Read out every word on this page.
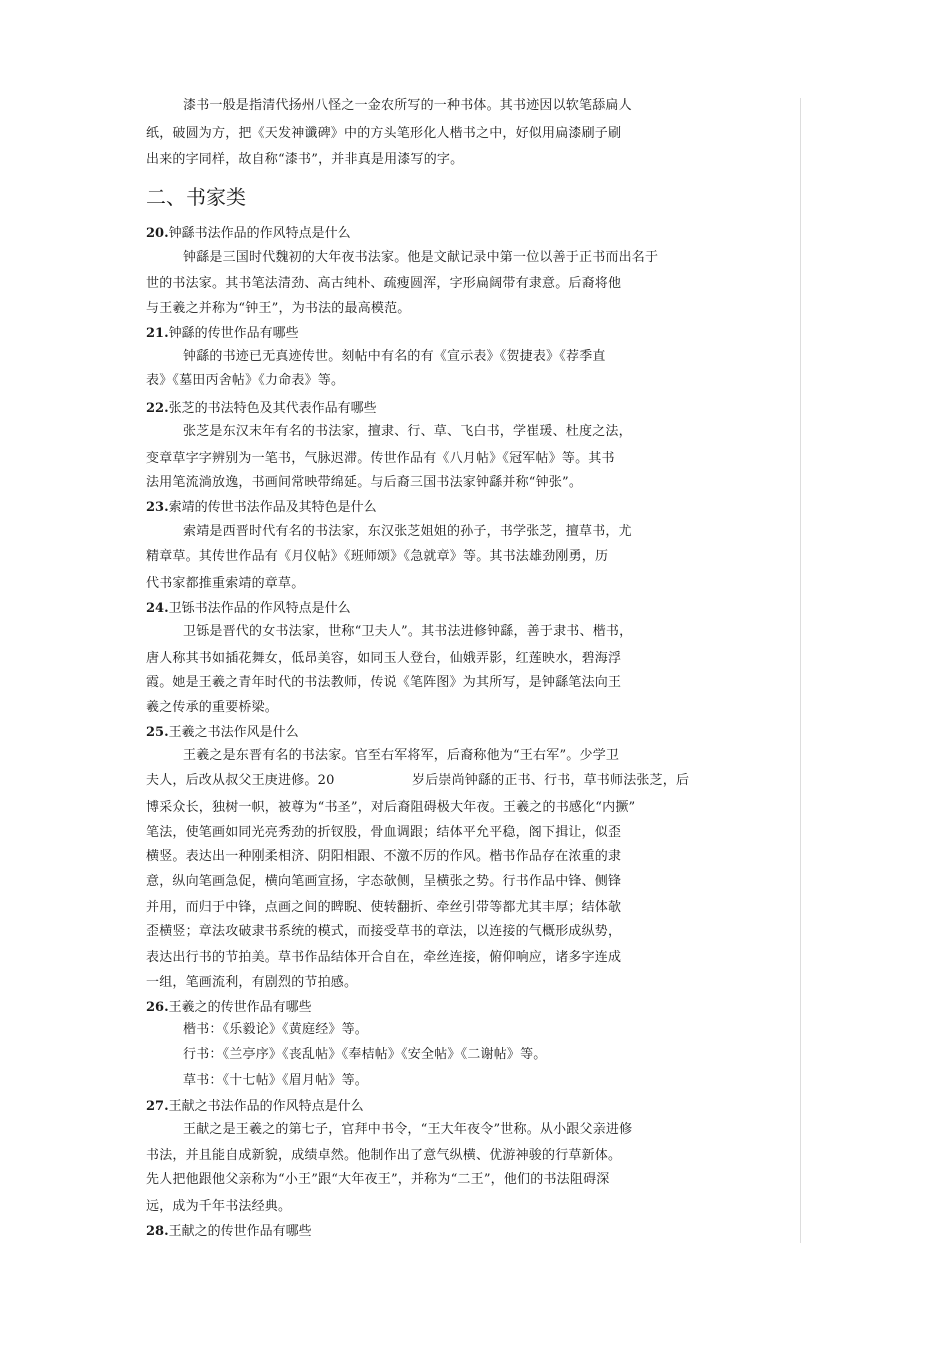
漆书一般是指清代扬州八怪之一金农所写的一种书体。其书迹因以软笔舔扁人
纸，破圆为方，把《天发神谶碑》中的方头笔形化人楷书之中，好似用扁漆刷子刷
出来的字同样，故自称“漆书”，并非真是用漆写的字。
二、书家类
20.钟繇书法作品的作风特点是什么
钟繇是三国时代魏初的大年夜书法家。他是文献记录中第一位以善于正书而出名于
世的书法家。其书笔法清劲、高古纯朴、疏瘦圆浑，字形扁阔带有隶意。后裔将他
与王羲之并称为“钟王”，为书法的最高模范。
21.钟繇的传世作品有哪些
钟繇的书迹已无真迹传世。刻帖中有名的有《宣示表》《贺捷表》《荐季直
表》《墓田丙舍帖》《力命表》等。
22.张芝的书法特色及其代表作品有哪些
张芝是东汉末年有名的书法家，擅隶、行、草、飞白书，学崔瑗、杜度之法，
变章草字字辨别为一笔书，气脉迟滞。传世作品有《八月帖》《冠军帖》等。其书
法用笔流淌放逸，书画间常映带绵延。与后裔三国书法家钟繇并称“钟张”。
23.索靖的传世书法作品及其特色是什么
索靖是西晋时代有名的书法家，东汉张芝姐姐的孙子，书学张芝，擅草书，尤
精章草。其传世作品有《月仪帖》《班师颂》《急就章》等。其书法雄劲刚勇，历
代书家都推重索靖的章草。
24.卫铄书法作品的作风特点是什么
卫铄是晋代的女书法家，世称“卫夫人”。其书法进修钟繇，善于隶书、楷书，
唐人称其书如插花舞女，低昂美容，如同玉人登台，仙娥弄影，红莲映水，碧海浮
霞。她是王羲之青年时代的书法教师，传说《笔阵图》为其所写，是钟繇笔法向王
羲之传承的重要桥梁。
25.王羲之书法作风是什么
王羲之是东晋有名的书法家。官至右军将军，后裔称他为“王右军”。少学卫
夫人，后改从叔父王庚进修。20	岁后崇尚钟繇的正书、行书，草书师法张芝，后
博采众长，独树一帜，被尊为“书圣”，对后裔阻碍极大年夜。王羲之的书感化“内撅”
笔法，使笔画如同光亮秀劲的折钗股，骨血调跟；结体平允平稳，阁下揖让，似歪
横竖。表达出一种刚柔相济、阴阳相跟、不激不厉的作风。楷书作品存在浓重的隶
意，纵向笔画急促，横向笔画宣扬，字态欹侧，呈横张之势。行书作品中锋、侧锋
并用，而归于中锋，点画之间的睥睨、使转翻折、牵丝引带等都尤其丰厚；结体欹
歪横竖；章法攻破隶书系统的模式，而接受草书的章法，以连接的气概形成纵势，
表达出行书的节拍美。草书作品结体开合自在，牵丝连接，俯仰响应，诸多字连成
一组，笔画流利，有剧烈的节拍感。
26.王羲之的传世作品有哪些
楷书：《乐毅论》《黄庭经》等。
行书：《兰亭序》《丧乱帖》《奉桔帖》《安全帖》《二谢帖》等。
草书：《十七帖》《眉月帖》等。
27.王献之书法作品的作风特点是什么
王献之是王羲之的第七子，官拜中书令，“王大年夜令”世称。从小跟父亲进修
书法，并且能自成新貌，成绩卓然。他制作出了意气纵横、优游神骏的行草新体。
先人把他跟他父亲称为“小王”跟“大年夜王”，并称为“二王”，他们的书法阻碍深
远，成为千年书法经典。
28.王献之的传世作品有哪些
